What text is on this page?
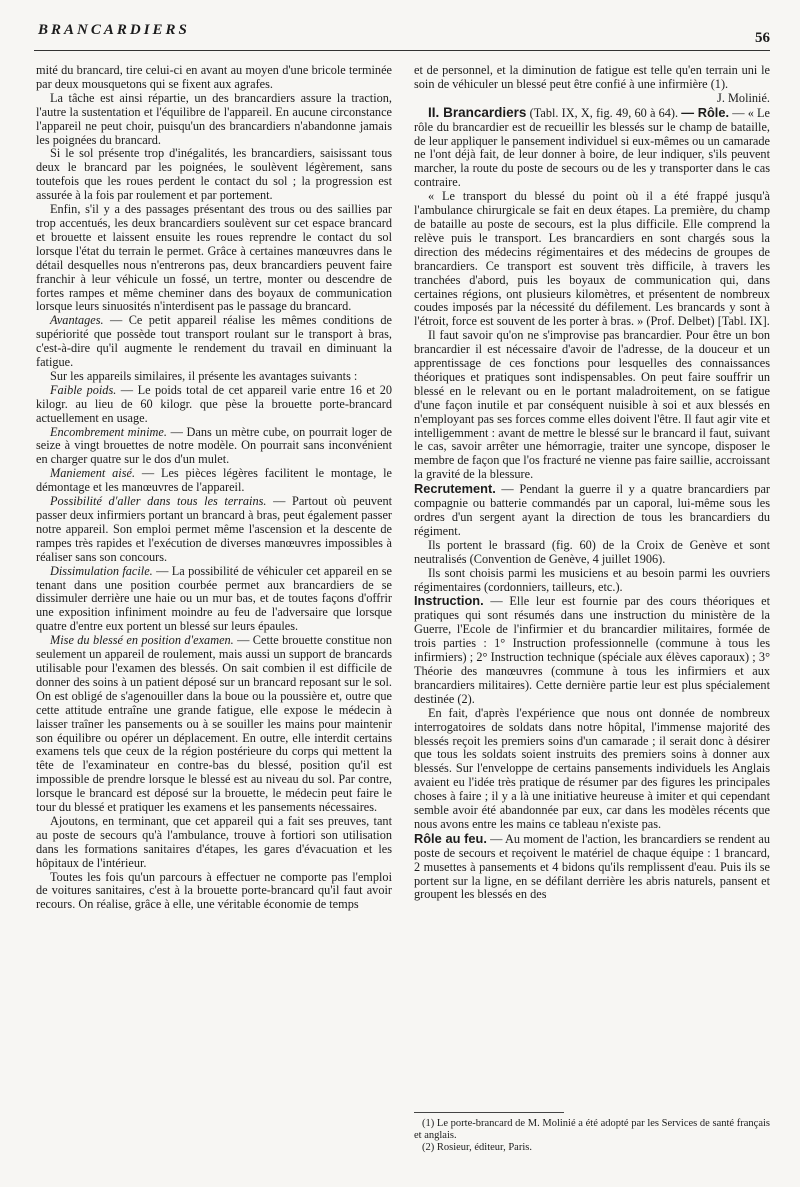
BRANCARDIERS	56

mité du brancard, tire celui-ci en avant au moyen d'une bricole terminée par deux mousquetons qui se fixent aux agrafes.

La tâche est ainsi répartie, un des brancardiers assure la traction, l'autre la sustentation et l'équilibre de l'appareil. En aucune circonstance l'appareil ne peut choir, puisqu'un des brancardiers n'abandonne jamais les poignées du brancard.

Si le sol présente trop d'inégalités, les brancardiers, saisissant tous deux le brancard par les poignées, le soulèvent légèrement, sans toutefois que les roues perdent le contact du sol ; la progression est assurée à la fois par roulement et par portement.

Enfin, s'il y a des passages présentant des trous ou des saillies par trop accentués, les deux brancardiers soulèvent sur cet espace brancard et brouette et laissent ensuite les roues reprendre le contact du sol lorsque l'état du terrain le permet. Grâce à certaines manœuvres dans le détail desquelles nous n'entrerons pas, deux brancardiers peuvent faire franchir à leur véhicule un fossé, un tertre, monter ou descendre de fortes rampes et même cheminer dans des boyaux de communication lorsque leurs sinuosités n'interdisent pas le passage du brancard.

Avantages. — Ce petit appareil réalise les mêmes conditions de supériorité que possède tout transport roulant sur le transport à bras, c'est-à-dire qu'il augmente le rendement du travail en diminuant la fatigue.

Sur les appareils similaires, il présente les avantages suivants :

Faible poids. — Le poids total de cet appareil varie entre 16 et 20 kilogr. au lieu de 60 kilogr. que pèse la brouette porte-brancard actuellement en usage.

Encombrement minime. — Dans un mètre cube, on pourrait loger de seize à vingt brouettes de notre modèle. On pourrait sans inconvénient en charger quatre sur le dos d'un mulet.

Maniement aisé. — Les pièces légères facilitent le montage, le démontage et les manœuvres de l'appareil.

Possibilité d'aller dans tous les terrains. — Partout où peuvent passer deux infirmiers portant un brancard à bras, peut également passer notre appareil. Son emploi permet même l'ascension et la descente de rampes très rapides et l'exécution de diverses manœuvres impossibles à réaliser sans son concours.

Dissimulation facile. — La possibilité de véhiculer cet appareil en se tenant dans une position courbée permet aux brancardiers de se dissimuler derrière une haie ou un mur bas, et de toutes façons d'offrir une exposition infiniment moindre au feu de l'adversaire que lorsque quatre d'entre eux portent un blessé sur leurs épaules.

Mise du blessé en position d'examen. — Cette brouette constitue non seulement un appareil de roulement, mais aussi un support de brancards utilisable pour l'examen des blessés. On sait combien il est difficile de donner des soins à un patient déposé sur un brancard reposant sur le sol. On est obligé de s'agenouiller dans la boue ou la poussière et, outre que cette attitude entraîne une grande fatigue, elle expose le médecin à laisser traîner les pansements ou à se souiller les mains pour maintenir son équilibre ou opérer un déplacement. En outre, elle interdit certains examens tels que ceux de la région postérieure du corps qui mettent la tête de l'examinateur en contre-bas du blessé, position qu'il est impossible de prendre lorsque le blessé est au niveau du sol. Par contre, lorsque le brancard est déposé sur la brouette, le médecin peut faire le tour du blessé et pratiquer les examens et les pansements nécessaires.

Ajoutons, en terminant, que cet appareil qui a fait ses preuves, tant au poste de secours qu'à l'ambulance, trouve à fortiori son utilisation dans les formations sanitaires d'étapes, les gares d'évacuation et les hôpitaux de l'intérieur.

Toutes les fois qu'un parcours à effectuer ne comporte pas l'emploi de voitures sanitaires, c'est à la brouette porte-brancard qu'il faut avoir recours. On réalise, grâce à elle, une véritable économie de temps

et de personnel, et la diminution de fatigue est telle qu'en terrain uni le soin de véhiculer un blessé peut être confié à une infirmière (1).

J. Molinié.

II. Brancardiers (Tabl. IX, X, fig. 49, 60 à 64). — Rôle. — « Le rôle du brancardier est de recueillir les blessés sur le champ de bataille, de leur appliquer le pansement individuel si eux-mêmes ou un camarade ne l'ont déjà fait, de leur donner à boire, de leur indiquer, s'ils peuvent marcher, la route du poste de secours ou de les y transporter dans le cas contraire.

« Le transport du blessé du point où il a été frappé jusqu'à l'ambulance chirurgicale se fait en deux étapes. La première, du champ de bataille au poste de secours, est la plus difficile. Elle comprend la relève puis le transport. Les brancardiers en sont chargés sous la direction des médecins régimentaires et des médecins de groupes de brancardiers. Ce transport est souvent très difficile, à travers les tranchées d'abord, puis les boyaux de communication qui, dans certaines régions, ont plusieurs kilomètres, et présentent de nombreux coudes imposés par la nécessité du défilement. Les brancards y sont à l'étroit, force est souvent de les porter à bras. » (Prof. Delbet) [Tabl. IX].

Il faut savoir qu'on ne s'improvise pas brancardier. Pour être un bon brancardier il est nécessaire d'avoir de l'adresse, de la douceur et un apprentissage de ces fonctions pour lesquelles des connaissances théoriques et pratiques sont indispensables. On peut faire souffrir un blessé en le relevant ou en le portant maladroitement, on se fatigue d'une façon inutile et par conséquent nuisible à soi et aux blessés en n'employant pas ses forces comme elles doivent l'être. Il faut agir vite et intelligemment : avant de mettre le blessé sur le brancard il faut, suivant le cas, savoir arrêter une hémorragie, traiter une syncope, disposer le membre de façon que l'os fracturé ne vienne pas faire saillie, accroissant la gravité de la blessure.

Recrutement. — Pendant la guerre il y a quatre brancardiers par compagnie ou batterie commandés par un caporal, lui-même sous les ordres d'un sergent ayant la direction de tous les brancardiers du régiment.

Ils portent le brassard (fig. 60) de la Croix de Genève et sont neutralisés (Convention de Genève, 4 juillet 1906).

Ils sont choisis parmi les musiciens et au besoin parmi les ouvriers régimentaires (cordonniers, tailleurs, etc.).

Instruction. — Elle leur est fournie par des cours théoriques et pratiques qui sont résumés dans une instruction du ministère de la Guerre, l'Ecole de l'infirmier et du brancardier militaires, formée de trois parties : 1° Instruction professionnelle (commune à tous les infirmiers) ; 2° Instruction technique (spéciale aux élèves caporaux) ; 3° Théorie des manœuvres (commune à tous les infirmiers et aux brancardiers militaires). Cette dernière partie leur est plus spécialement destinée (2).

En fait, d'après l'expérience que nous ont donnée de nombreux interrogatoires de soldats dans notre hôpital, l'immense majorité des blessés reçoit les premiers soins d'un camarade ; il serait donc à désirer que tous les soldats soient instruits des premiers soins à donner aux blessés. Sur l'enveloppe de certains pansements individuels les Anglais avaient eu l'idée très pratique de résumer par des figures les principales choses à faire ; il y a là une initiative heureuse à imiter et qui cependant semble avoir été abandonnée par eux, car dans les modèles récents que nous avons entre les mains ce tableau n'existe pas.

Rôle au feu. — Au moment de l'action, les brancardiers se rendent au poste de secours et reçoivent le matériel de chaque équipe : 1 brancard, 2 musettes à pansements et 4 bidons qu'ils remplissent d'eau. Puis ils se portent sur la ligne, en se défilant derrière les abris naturels, pansent et groupent les blessés en des

(1) Le porte-brancard de M. Molinié a été adopté par les Services de santé français et anglais.

(2) Rosieur, éditeur, Paris.
